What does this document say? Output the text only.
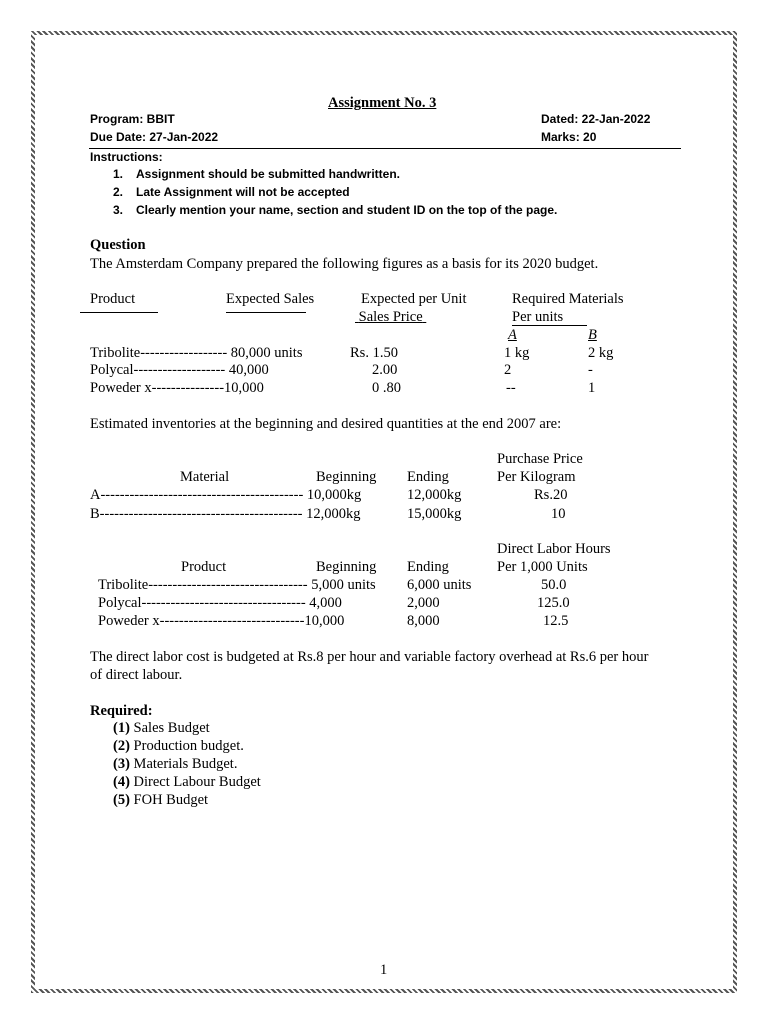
Assignment No. 3
Program: BBIT	Dated: 22-Jan-2022
Due Date: 27-Jan-2022	Marks: 20
Instructions:
1. Assignment should be submitted handwritten.
2. Late Assignment will not be accepted
3. Clearly mention your name, section and student ID on the top of the page.
Question
The Amsterdam Company prepared the following figures as a basis for its 2020 budget.
Product	Expected Sales	Expected per Unit
Sales Price
Required Materials
Per units
A	B
Tribolite------------------ 80,000 units	Rs. 1.50	1 kg	2 kg
Polycal------------------- 40,000	2.00	2	-
Poweder x---------------10,000	0 .80	--	1
Estimated inventories at the beginning and desired quantities at the end 2007 are:
Purchase Price
Material	Beginning Ending	Per Kilogram
A------------------------------------------ 10,000kg	12,000kg	Rs.20
B------------------------------------------ 12,000kg	15,000kg	10
Direct Labor Hours
Product	Beginning Ending	Per 1,000 Units
Tribolite--------------------------------- 5,000 units 6,000 units	50.0
Polycal---------------------------------- 4,000	2,000	125.0
Poweder x------------------------------10,000	8,000	12.5
The direct labor cost is budgeted at Rs.8 per hour and variable factory overhead at Rs.6 per hour
of direct labour.
Required:
(1) Sales Budget
(2) Production budget.
(3) Materials Budget.
(4) Direct Labour Budget
(5) FOH Budget
1
